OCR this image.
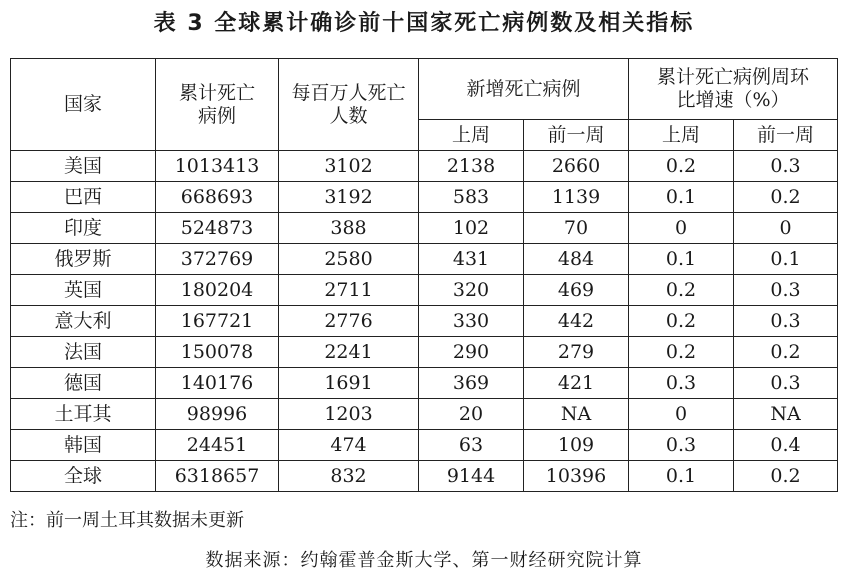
表 3 全球累计确诊前十国家死亡病例数及相关指标
国家	累计死亡病例	每百万人死亡人数	新增死亡病例		累计死亡病例周环比增速（%）	
			上周	前一周	上周	前一周
美国	1013413	3102	2138	2660	0.2	0.3
巴西	668693	3192	583	1139	0.1	0.2
印度	524873	388	102	70	0	0
俄罗斯	372769	2580	431	484	0.1	0.1
英国	180204	2711	320	469	0.2	0.3
意大利	167721	2776	330	442	0.2	0.3
法国	150078	2241	290	279	0.2	0.2
德国	140176	1691	369	421	0.3	0.3
土耳其	98996	1203	20	NA	0	NA
韩国	24451	474	63	109	0.3	0.4
全球	6318657	832	9144	10396	0.1	0.2
注：前一周土耳其数据未更新
数据来源：约翰霍普金斯大学、第一财经研究院计算
